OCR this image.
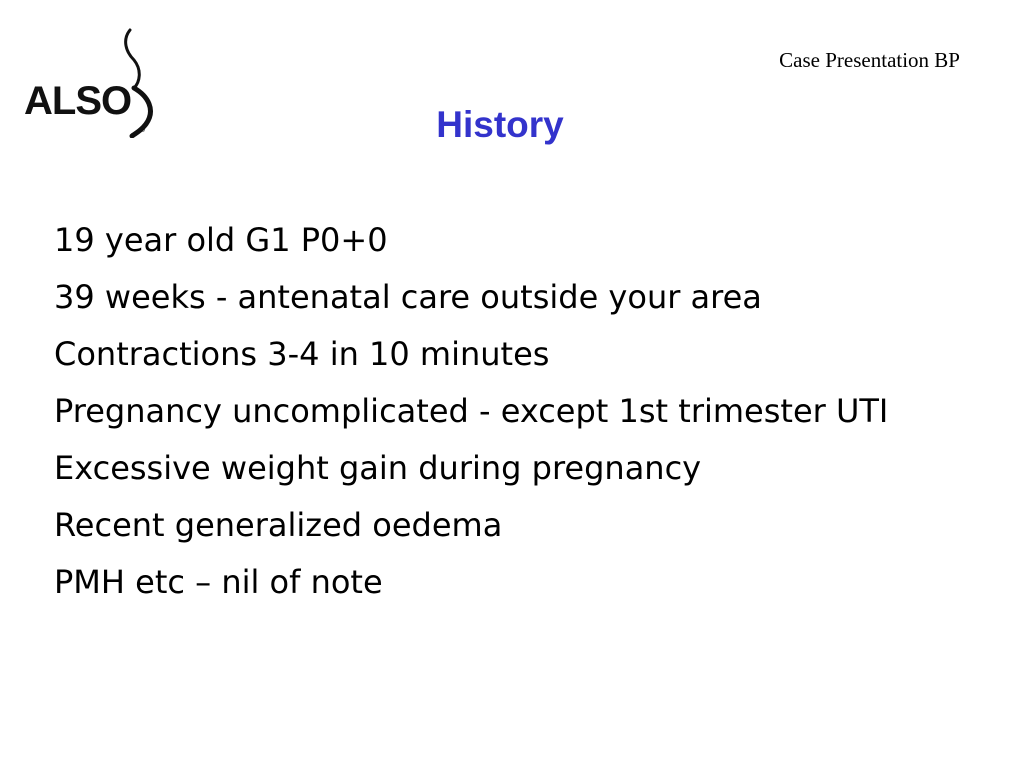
ALSO
®
Case Presentation BP
History
19 year old G1 P0+0
39 weeks - antenatal care outside your area
Contractions 3-4 in 10 minutes
Pregnancy uncomplicated - except 1st trimester UTI
Excessive weight gain during pregnancy
Recent generalized oedema
PMH etc – nil of note
